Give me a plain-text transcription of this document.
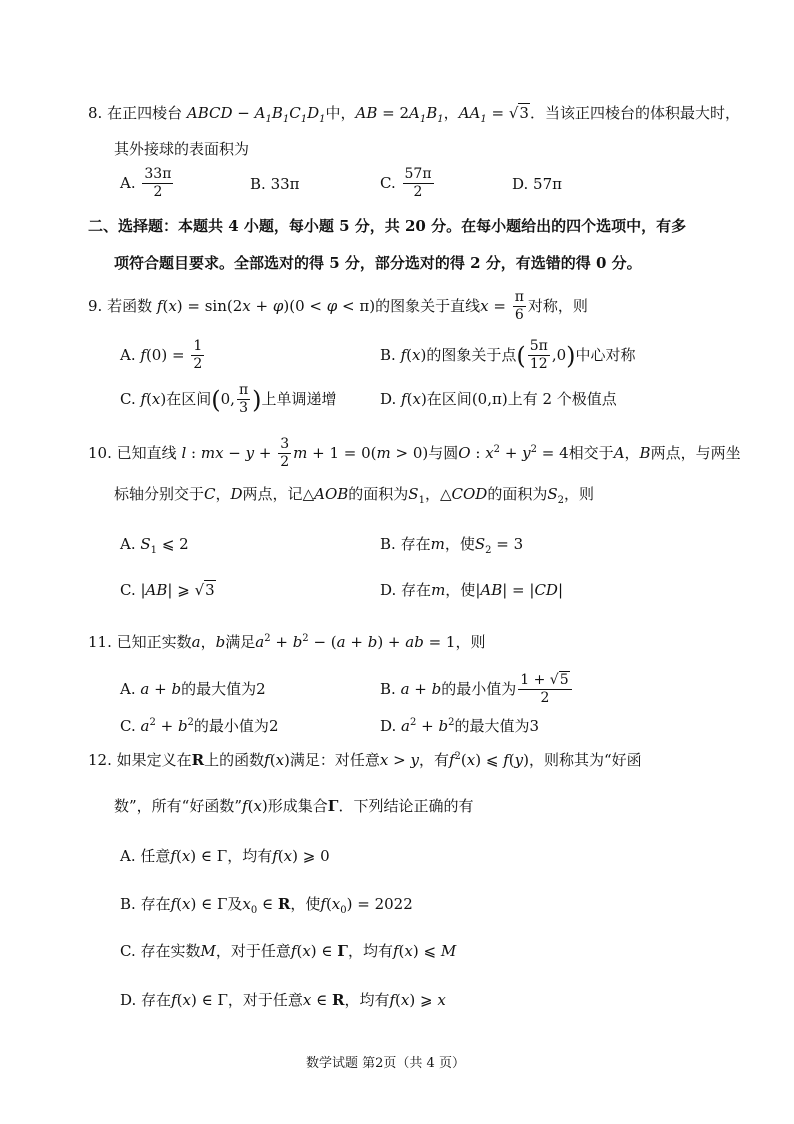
8. 在正四棱台 ABCD − $A_1B_1C_1D_1$中，AB = $2A_1B_1$，$AA_1 = √3$．当该正四棱台的体积最大时，
其外接球的表面积为
A. $\frac{33\pi}{2}$	B. 33π	C. $\frac{57\pi}{2}$	D. 57π
二、选择题：本题共 4 小题，每小题 5 分，共 20 分。在每小题给出的四个选项中，有多
项符合题目要求。全部选对的得 5 分，部分选对的得 2 分，有选错的得 0 分。
9. 若函数 f(x) = sin(2x + φ)(0 < φ < π)的图象关于直线$x = \frac{\pi}{6}$ 对称，则
A. $f(0) = \frac{1}{2}$	B. f(x)的图象关于点( $\frac{5\pi}{12} ,0$)中心对称
C. f(x)在区间(0, $\frac{\pi}{3}$ )上单调递增	D. f(x)在区间(0,π)上有 2 个极值点
10. 已知直线 l : mx − $y + \frac{3}{2}$ m + 1 = 0(m > 0)与圆O : $x^2 + y^2 = 4$相交于A，B两点，与两坐
标轴分别交于C，D两点，记△AOB的面积为$S_1$，△COD的面积为$S_2$，则
A. $S_1$ ⩽ 2	B. 存在m，使$S_2 = 3$
C. |AB| ⩾ √3	D. 存在m，使|AB| = |CD|
11. 已知正实数a，b满足$a^2 + b^2 - (a + b)$ + ab = 1，则
A. a + b的最大值为2	B. a + b的最小值为 $\frac{1 + √5}{2}$
C. $a^2 + b^2$的最小值为2	D. $a^2 + b^2$的最大值为3
12. 如果定义在R上的函数f(x)满足：对任意x > y，有$f^2(x)$ ⩽ f(y)，则称其为“好函
数”，所有“好函数”f(x)形成集合Γ．下列结论正确的有
A. 任意f(x) ∈ Γ，均有f(x) ⩾ 0
B. 存在f(x) ∈ Γ及$x_0$ ∈ R，使$f(x_0) = 2022$
C. 存在实数M，对于任意f(x) ∈ Γ，均有f(x) ⩽ M
D. 存在f(x) ∈ Γ，对于任意x ∈ R，均有f(x) ⩾ x
数学试题 第2页（共 4 页）
